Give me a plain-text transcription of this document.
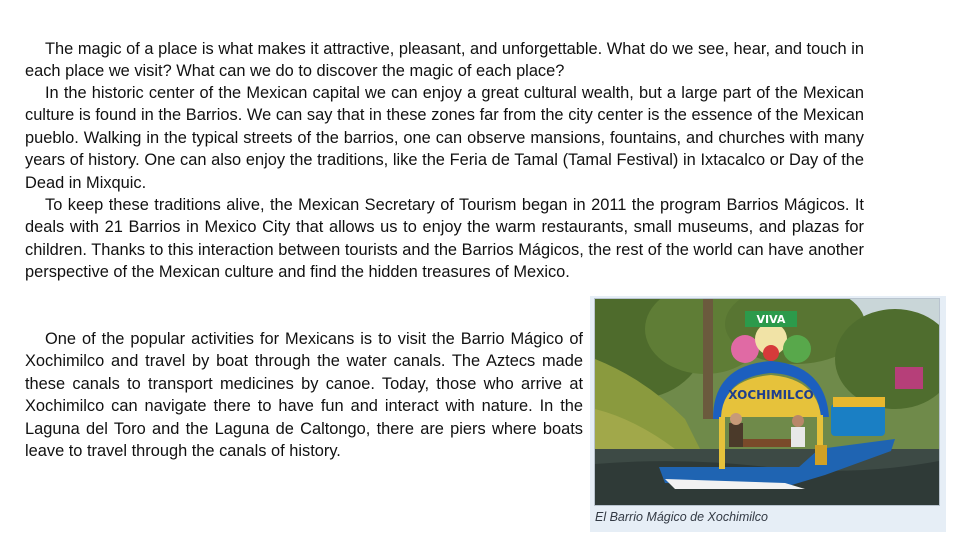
The magic of a place is what makes it attractive, pleasant, and unforgettable. What do we see, hear, and touch in each place we visit? What can we do to discover the magic of each place?

In the historic center of the Mexican capital we can enjoy a great cultural wealth, but a large part of the Mexican culture is found in the Barrios. We can say that in these zones far from the city center is the essence of the Mexican pueblo. Walking in the typical streets of the barrios, one can observe mansions, fountains, and churches with many years of history. One can also enjoy the traditions, like the Feria de Tamal (Tamal Festival) in Ixtacalco or Day of the Dead in Mixquic.

To keep these traditions alive, the Mexican Secretary of Tourism began in 2011 the program Barrios Mágicos. It deals with 21 Barrios in Mexico City that allows us to enjoy the warm restaurants, small museums, and plazas for children. Thanks to this interaction between tourists and the Barrios Mágicos, the rest of the world can have another perspective of the Mexican culture and find the hidden treasures of Mexico.

One of the popular activities for Mexicans is to visit the Barrio Mágico of Xochimilco and travel by boat through the water canals. The Aztecs made these canals to transport medicines by canoe. Today, those who arrive at Xochimilco can navigate there to have fun and interact with nature. In the Laguna del Toro and the Laguna de Caltongo, there are piers where boats leave to travel through the canals of history.

XOCHIMILCO
VIVA
El Barrio Mágico de Xochimilco
